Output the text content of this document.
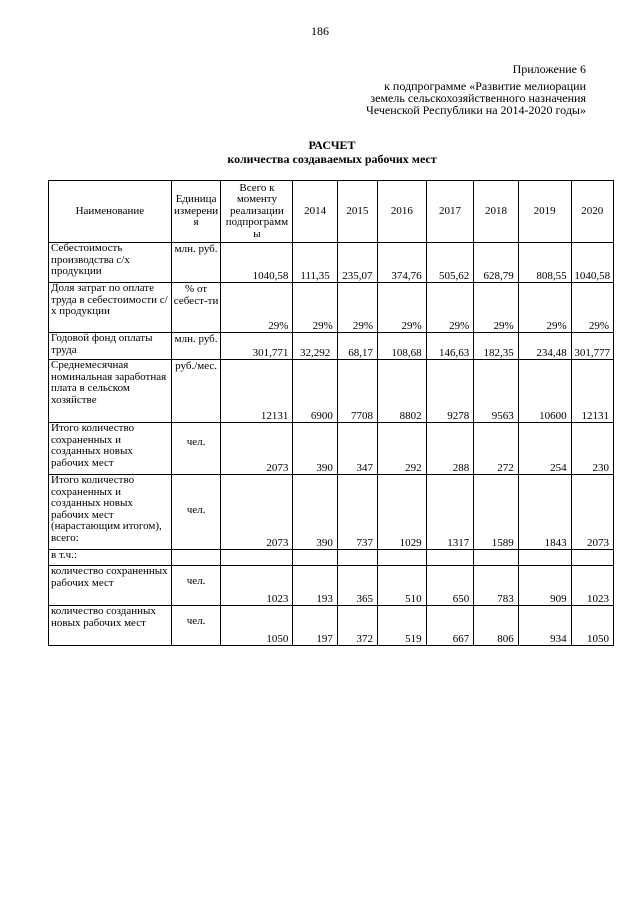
186
Приложение 6
к подпрограмме «Развитие мелиорации
земель сельскохозяйственного назначения
Чеченской Республики на 2014-2020 годы»
РАСЧЕТ
количества создаваемых рабочих мест
Наименование	Единица измерения	Всего к моменту реализации подпрограммы	2014	2015	2016	2017	2018	2019	2020
Себестоимость производства с/х продукции	млн. руб.	1040,58	111,35	235,07	374,76	505,62	628,79	808,55	1040,58
Доля затрат по оплате труда в себестоимости с/х продукции	% от себест-ти	29%	29%	29%	29%	29%	29%	29%	29%
Годовой фонд оплаты труда	млн. руб.	301,771	32,292	68,17	108,68	146,63	182,35	234,48	301,777
Среднемесячная номинальная заработная плата в сельском хозяйстве	руб./мес.	12131	6900	7708	8802	9278	9563	10600	12131
Итого количество сохраненных и созданных новых рабочих мест	чел.	2073	390	347	292	288	272	254	230
Итого количество сохраненных и созданных новых рабочих мест (нарастающим итогом), всего:	чел.	2073	390	737	1029	1317	1589	1843	2073
в т.ч.:									
количество сохраненных рабочих мест	чел.	1023	193	365	510	650	783	909	1023
количество созданных новых рабочих мест	чел.	1050	197	372	519	667	806	934	1050
